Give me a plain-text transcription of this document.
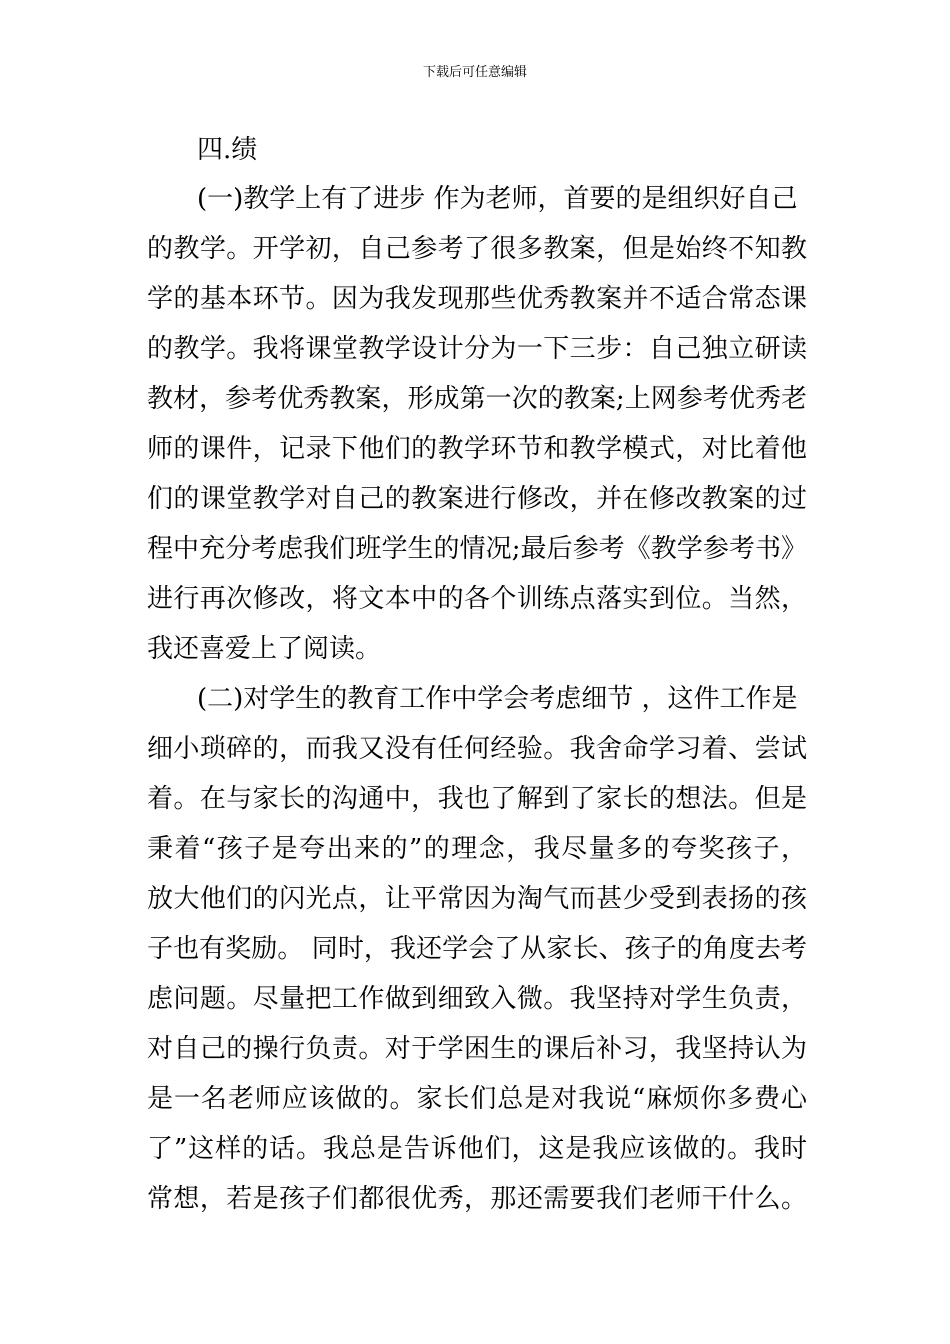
下载后可任意编辑
四.绩
(一)教学上有了进步 作为老师，首要的是组织好自己
的教学。开学初，自己参考了很多教案，但是始终不知教
学的基本环节。因为我发现那些优秀教案并不适合常态课
的教学。我将课堂教学设计分为一下三步：自己独立研读
教材，参考优秀教案，形成第一次的教案;上网参考优秀老
师的课件，记录下他们的教学环节和教学模式，对比着他
们的课堂教学对自己的教案进行修改，并在修改教案的过
程中充分考虑我们班学生的情况;最后参考《教学参考书》
进行再次修改，将文本中的各个训练点落实到位。当然，
我还喜爱上了阅读。
(二)对学生的教育工作中学会考虑细节 ，这件工作是
细小琐碎的，而我又没有任何经验。我舍命学习着、尝试
着。在与家长的沟通中，我也了解到了家长的想法。但是
秉着“孩子是夸出来的”的理念，我尽量多的夸奖孩子，
放大他们的闪光点，让平常因为淘气而甚少受到表扬的孩
子也有奖励。 同时，我还学会了从家长、孩子的角度去考
虑问题。尽量把工作做到细致入微。我坚持对学生负责，
对自己的操行负责。对于学困生的课后补习，我坚持认为
是一名老师应该做的。家长们总是对我说“麻烦你多费心
了”这样的话。我总是告诉他们，这是我应该做的。我时
常想，若是孩子们都很优秀，那还需要我们老师干什么。
